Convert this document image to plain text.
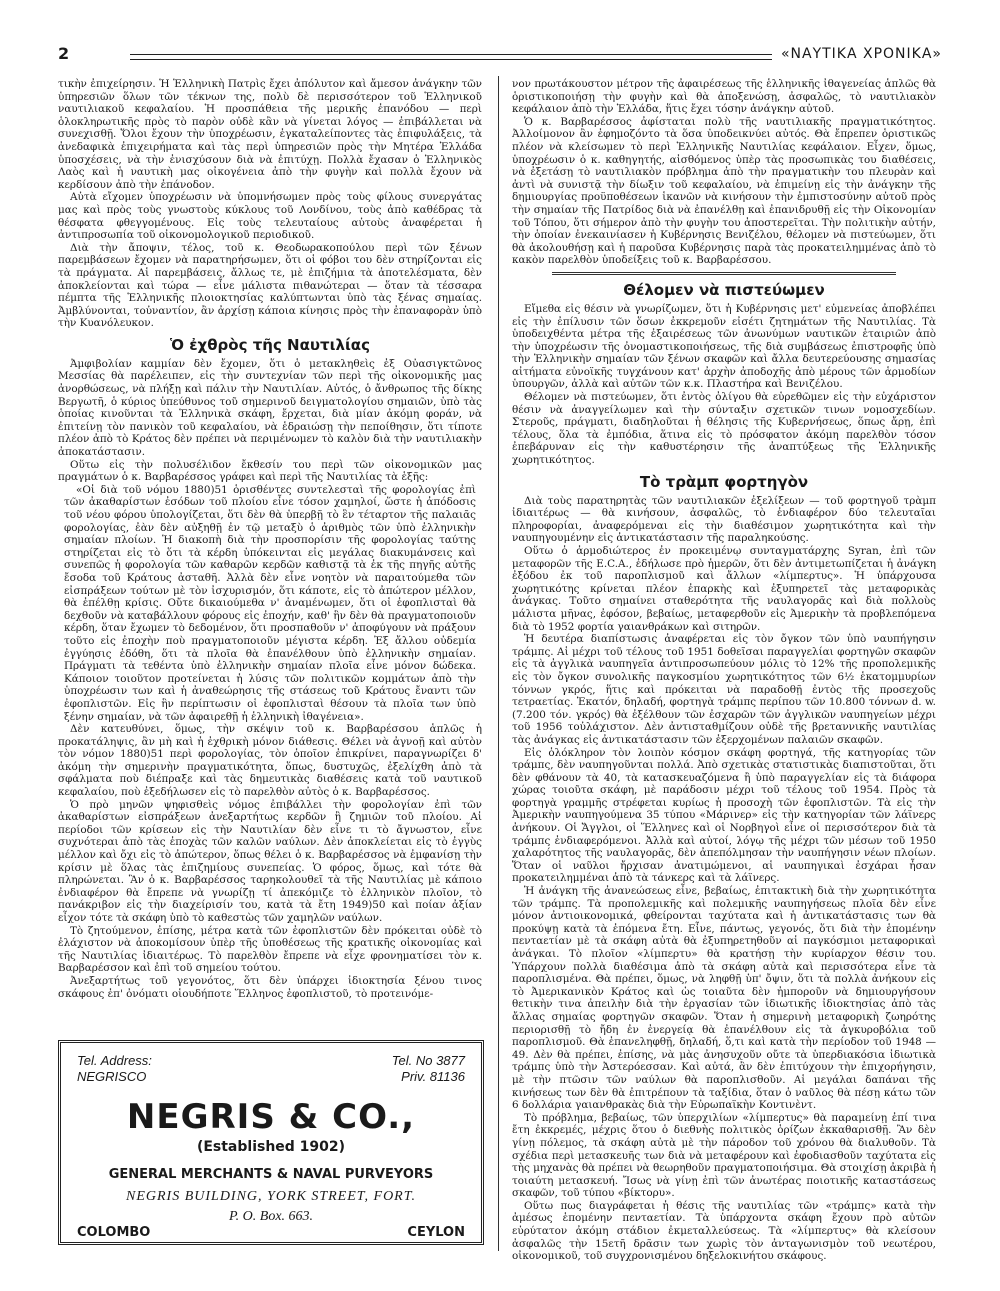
2	«ΝΑΥΤΙΚΑ ΧΡΟΝΙΚΑ»

τικὴν ἐπιχείρησιν. Ἡ Ἑλληνικὴ Πατρὶς ἔχει ἀπόλυτον καὶ ἄμεσον ἀνάγκην τῶν ὑπηρεσιῶν ὅλων τῶν τέκνων της, πολὺ δὲ περισσότερον τοῦ Ἑλληνικοῦ ναυτιλιακοῦ κεφαλαίου. Ἡ προσπάθεια τῆς μερικῆς ἐπανόδου — περὶ ὁλοκληρωτικῆς πρὸς τὸ παρὸν οὐδὲ κἂν νὰ γίνεται λόγος — ἐπιβάλλεται νὰ συνεχισθῇ. Ὅλοι ἔχουν τὴν ὑποχρέωσιν, ἐγκαταλείποντες τὰς ἐπιφυλάξεις, τὰ ἀνεδαφικὰ ἐπιχειρήματα καὶ τὰς περὶ ὑπηρεσιῶν πρὸς τὴν Μητέρα Ἑλλάδα ὑποσχέσεις, νὰ τὴν ἐνισχύσουν διὰ νὰ ἐπιτύχῃ. Πολλὰ ἔχασαν ὁ Ἑλληνικὸς Λαὸς καὶ ἡ ναυτικὴ μας οἰκογένεια ἀπὸ τὴν φυγὴν καὶ πολλὰ ἔχουν νὰ κερδίσουν ἀπὸ τὴν ἐπάνοδον.

Αὐτὰ εἴχομεν ὑποχρέωσιν νὰ ὑπομνήσωμεν πρὸς τοὺς φίλους συνεργάτας μας καὶ πρὸς τοὺς γνωστοὺς κύκλους τοῦ Λονδίνου, τοὺς ἀπὸ καθέδρας τὰ θέσφατα φθεγγομένους. Εἰς τοὺς τελευταίους αὐτοὺς ἀναφέρεται ἡ ἀντιπροσωπία τοῦ οἰκονομολογικοῦ περιοδικοῦ.

Διὰ τὴν ἄποψιν, τέλος, τοῦ κ. Θεοδωρακοπούλου περὶ τῶν ξένων παρεμβάσεων ἔχομεν νὰ παρατηρήσωμεν, ὅτι οἱ φόβοι του δὲν στηρίζονται εἰς τὰ πράγματα. Αἱ παρεμβάσεις, ἄλλως τε, μὲ ἐπιζήμια τὰ ἀποτελέσματα, δὲν ἀποκλείονται καὶ τώρα — εἶνε μάλιστα πιθανώτεραι — ὅταν τὰ τέσσαρα πέμπτα τῆς Ἑλληνικῆς πλοιοκτησίας καλύπτωνται ὑπὸ τὰς ξένας σημαίας. Ἀμβλύνονται, τοὐναντίον, ἂν ἀρχίσῃ κάποια κίνησις πρὸς τὴν ἐπαναφορὰν ὑπὸ τὴν Κυανόλευκον.

Ὁ ἐχθρὸς τῆς Ναυτιλίας

Ἀμφιβολίαν καμμίαν δὲν ἔχομεν, ὅτι ὁ μετακληθεὶς ἐξ Οὐασιγκτῶνος Μεσσίας θὰ παρέλειπεν, εἰς τὴν συντεχνίαν τῶν περὶ τῆς οἰκονομικῆς μας ἀνορθώσεως, νὰ πλήξῃ καὶ πάλιν τὴν Ναυτιλίαν. Αὐτός, ὁ ἄνθρωπος τῆς δίκης Βεργωτῆ, ὁ κύριος ὑπεύθυνος τοῦ σημερινοῦ δειγματολογίου σημαιῶν, ὑπὸ τὰς ὁποίας κινοῦνται τὰ Ἑλληνικὰ σκάφη, ἔρχεται, διὰ μίαν ἀκόμη φοράν, νὰ ἐπιτείνῃ τὸν πανικὸν τοῦ κεφαλαίου, νὰ ἑδραιώσῃ τὴν πεποίθησιν, ὅτι τίποτε πλέον ἀπὸ τὸ Κράτος δὲν πρέπει νὰ περιμένωμεν τὸ καλὸν διὰ τὴν ναυτιλιακὴν ἀποκατάστασιν.

Οὕτω εἰς τὴν πολυσέλιδον ἔκθεσίν του περὶ τῶν οἰκονομικῶν μας πραγμάτων ὁ κ. Βαρβαρέσσος γράφει καὶ περὶ τῆς Ναυτιλίας τὰ ἑξῆς:

«Οἱ διὰ τοῦ νόμου 1880)51 ὁρισθέντες συντελεσταὶ τῆς φορολογίας ἐπὶ τῶν ἀκαθαρίστων ἐσόδων τοῦ πλοίου εἶνε τόσον χαμηλοί, ὥστε ἡ ἀπόδοσις τοῦ νέου φόρου ὑπολογίζεται, ὅτι δὲν θὰ ὑπερβῇ τὸ ἓν τέταρτον τῆς παλαιᾶς φορολογίας, ἐὰν δὲν αὐξηθῇ ἐν τῷ μεταξὺ ὁ ἀριθμὸς τῶν ὑπὸ ἑλληνικὴν σημαίαν πλοίων. Ἡ διακοπὴ διὰ τὴν προσπορίσιν τῆς φορολογίας ταύτης στηρίζεται εἰς τὸ ὅτι τὰ κέρδη ὑπόκεινται εἰς μεγάλας διακυμάνσεις καὶ συνεπῶς ἡ φορολογία τῶν καθαρῶν κερδῶν καθιστᾷ τὰ ἐκ τῆς πηγῆς αὐτῆς ἔσοδα τοῦ Κράτους ἀσταθῆ. Ἀλλὰ δὲν εἶνε νοητὸν νὰ παραιτούμεθα τῶν εἰσπράξεων τούτων μὲ τὸν ἰσχυρισμόν, ὅτι κάποτε, εἰς τὸ ἀπώτερον μέλλον, θὰ ἐπέλθῃ κρίσις. Οὔτε δικαιούμεθα ν' ἀναμένωμεν, ὅτι οἱ ἐφοπλισταὶ θὰ δεχθοῦν νὰ καταβάλλουν φόρους εἰς ἐποχήν, καθ' ἣν δὲν θὰ πραγματοποιοῦν κέρδη, ὅταν ἔχωμεν τὸ δεδομένον, ὅτι προσπαθοῦν ν' ἀποφύγουν νὰ πράξουν τοῦτο εἰς ἐποχὴν ποὺ πραγματοποιοῦν μέγιστα κέρδη. Ἐξ ἄλλου οὐδεμία ἐγγύησις ἐδόθη, ὅτι τὰ πλοῖα θὰ ἐπανέλθουν ὑπὸ ἑλληνικὴν σημαίαν. Πράγματι τὰ τεθέντα ὑπὸ ἑλληνικὴν σημαίαν πλοῖα εἶνε μόνον δώδεκα. Κάποιον τοιοῦτον προτείνεται ἡ λύσις τῶν πολιτικῶν κομμάτων ἀπὸ τὴν ὑποχρέωσιν των καὶ ἡ ἀναθεώρησις τῆς στάσεως τοῦ Κράτους ἔναντι τῶν ἐφοπλιστῶν. Εἰς ἣν περίπτωσιν οἱ ἐφοπλισταὶ θέσουν τὰ πλοῖα των ὑπὸ ξένην σημαίαν, νὰ τῶν ἀφαιρεθῇ ἡ ἑλληνικὴ ἰθαγένεια».

Δὲν κατευθύνει, ὅμως, τὴν σκέψιν τοῦ κ. Βαρβαρέσσου ἁπλῶς ἡ προκατάληψις, ἂν μὴ καὶ ἡ ἐχθρικὴ μόνον διάθεσις. Θέλει νὰ ἀγνοῇ καὶ αὐτὸν τὸν νόμον 1880)51 περὶ φορολογίας, τὸν ὁποῖον ἐπικρίνει, παραγνωρίζει δ' ἀκόμη τὴν σημερινὴν πραγματικότητα, ὅπως, δυστυχῶς, ἐξελίχθη ἀπὸ τὰ σφάλματα ποὺ διέπραξε καὶ τὰς δημευτικὰς διαθέσεις κατὰ τοῦ ναυτικοῦ κεφαλαίου, ποὺ ἐξεδήλωσεν εἰς τὸ παρελθὸν αὐτὸς ὁ κ. Βαρβαρέσσος.

Ὁ πρὸ μηνῶν ψηφισθεὶς νόμος ἐπιβάλλει τὴν φορολογίαν ἐπὶ τῶν ἀκαθαρίστων εἰσπράξεων ἀνεξαρτήτως κερδῶν ἢ ζημιῶν τοῦ πλοίου. Αἱ περίοδοι τῶν κρίσεων εἰς τὴν Ναυτιλίαν δὲν εἶνε τι τὸ ἄγνωστον, εἶνε συχνότεραι ἀπὸ τὰς ἐποχὰς τῶν καλῶν ναύλων. Δὲν ἀποκλείεται εἰς τὸ ἐγγὺς μέλλον καὶ ὄχι εἰς τὸ ἀπώτερον, ὅπως θέλει ὁ κ. Βαρβαρέσσος νὰ ἐμφανίσῃ τὴν κρίσιν μὲ ὅλας τὰς ἐπιζημίους συνεπείας. Ὁ φόρος, ὅμως, καὶ τότε θὰ πληρώνεται. Ἂν ὁ κ. Βαρβαρέσσος ταρηκολουθεῖ τὰ τῆς Ναυτιλίας μὲ κάποιο ἐνδιαφέρον θὰ ἔπρεπε νὰ γνωρίζῃ τί ἀπεκόμιζε τὸ ἑλληνικὸν πλοῖον, τὸ πανάκριβον εἰς τὴν διαχείρισίν του, κατὰ τὰ ἔτη 1949)50 καὶ ποίαν ἀξίαν εἶχον τότε τὰ σκάφη ὑπὸ τὸ καθεστὼς τῶν χαμηλῶν ναύλων.

Τὸ ζητούμενον, ἐπίσης, μέτρα κατὰ τῶν ἐφοπλιστῶν δὲν πρόκειται οὐδὲ τὸ ἐλάχιστον νὰ ἀποκομίσουν ὑπὲρ τῆς ὑποθέσεως τῆς κρατικῆς οἰκονομίας καὶ τῆς Ναυτιλίας ἰδιαιτέρως. Τὸ παρελθὸν ἔπρεπε νὰ εἶχε φρονηματίσει τὸν κ. Βαρβαρέσσον καὶ ἐπὶ τοῦ σημείου τούτου.

Ἀνεξαρτήτως τοῦ γεγονότος, ὅτι δὲν ὑπάρχει ἰδιοκτησία ξένου τινος σκάφους ἐπ' ὀνόματι οἱουδήποτε Ἕλληνος ἐφοπλιστοῦ, τὸ προτεινόμε-

νον πρωτάκουστον μέτρον τῆς ἀφαιρέσεως τῆς ἑλληνικῆς ἰθαγενείας ἁπλῶς θὰ ὁριστικοποιήσῃ τὴν φυγὴν καὶ θὰ ἀποξενώσῃ, ἀσφαλῶς, τὸ ναυτιλιακὸν κεφάλαιον ἀπὸ τὴν Ἑλλάδα, ἥτις ἔχει τόσην ἀνάγκην αὐτοῦ.

Ὁ κ. Βαρβαρέσσος ἀφίσταται πολὺ τῆς ναυτιλιακῆς πραγματικότητος. Ἀλλοίμονον ἂν ἐφημοζόντο τὰ ὅσα ὑποδεικνύει αὐτός. Θὰ ἔπρεπεν ὁριστικῶς πλέον νὰ κλείσωμεν τὸ περὶ Ἑλληνικῆς Ναυτιλίας κεφάλαιον. Εἶχεν, ὅμως, ὑποχρέωσιν ὁ κ. καθηγητής, αἰσθόμενος ὑπὲρ τὰς προσωπικὰς του διαθέσεις, νὰ ἐξετάσῃ τὸ ναυτιλιακὸν πρόβλημα ἀπὸ τὴν πραγματικὴν του πλευρὰν καὶ ἀντὶ νὰ συνιστᾷ τὴν δίωξιν τοῦ κεφαλαίου, νὰ ἐπιμείνῃ εἰς τὴν ἀνάγκην τῆς δημιουργίας προϋποθέσεων ἱκανῶν νὰ κινήσουν τὴν ἐμπιστοσύνην αὐτοῦ πρὸς τὴν σημαίαν τῆς Πατρίδος διὰ νὰ ἐπανέλθῃ καὶ ἐπανιδρυθῇ εἰς τὴν Οἰκονομίαν τοῦ Τόπου, ὅτι σήμερον ἀπὸ τὴν φυγὴν του ἀποστερεῖται. Τὴν πολιτικὴν αὐτήν, τὴν ὁποίαν ἐνεκαινίασεν ἡ Κυβέρνησις Βενιζέλου, θέλομεν νὰ πιστεύωμεν, ὅτι θὰ ἀκολουθήσῃ καὶ ἡ παροῦσα Κυβέρνησις παρὰ τὰς προκατειλημμένας ἀπὸ τὸ κακὸν παρελθὸν ὑποδείξεις τοῦ κ. Βαρβαρέσσου.

Θέλομεν νὰ πιστεύωμεν

Εἴμεθα εἰς θέσιν νὰ γνωρίζωμεν, ὅτι ἡ Κυβέρνησις μετ' εὐμενείας ἀποβλέπει εἰς τὴν ἐπίλυσιν τῶν ὅσων ἐκκρεμοῦν εἰσέτι ζητημάτων τῆς Ναυτιλίας. Τὰ ὑποδειχθέντα μέτρα τῆς ἐξαιρέσεως τῶν ἀνωνύμων ναυτικῶν ἑταιριῶν ἀπὸ τὴν ὑποχρέωσιν τῆς ὀνομαστικοποιήσεως, τῆς διὰ συμβάσεως ἐπιστροφῆς ὑπὸ τὴν Ἑλληνικὴν σημαίαν τῶν ξένων σκαφῶν καὶ ἄλλα δευτερεύουσης σημασίας αἰτήματα εὐνοϊκῆς τυγχάνουν κατ' ἀρχὴν ἀποδοχῆς ἀπὸ μέρους τῶν ἁρμοδίων ὑπουργῶν, ἀλλὰ καὶ αὐτῶν τῶν κ.κ. Πλαστήρα καὶ Βενιζέλου.

Θέλομεν νὰ πιστεύωμεν, ὅτι ἐντὸς ὀλίγου θὰ εὑρεθῶμεν εἰς τὴν εὐχάριστον θέσιν νὰ ἀναγγείλωμεν καὶ τὴν σύνταξιν σχετικῶν τινων νομοσχεδίων. Στεροῦς, πράγματι, διαδηλοῦται ἡ θέλησις τῆς Κυβερνήσεως, ὅπως ἄρῃ, ἐπὶ τέλους, ὅλα τὰ ἐμπόδια, ἅτινα εἰς τὸ πρόσφατον ἀκόμη παρελθὸν τόσον ἐπεβάρυναν εἰς τὴν καθυστέρησιν τῆς ἀναπτύξεως τῆς Ἑλληνικῆς χωρητικότητος.

Τὸ τρὰμπ φορτηγὸν

Διὰ τοὺς παρατηρητὰς τῶν ναυτιλιακῶν ἐξελίξεων — τοῦ φορτηγοῦ τρὰμπ ἰδιαιτέρως — θὰ κινήσουν, ἀσφαλῶς, τὸ ἐνδιαφέρον δύο τελευταῖαι πληροφορίαι, ἀναφερόμεναι εἰς τὴν διαθέσιμον χωρητικότητα καὶ τὴν ναυπηγουμένην εἰς ἀντικατάστασιν τῆς παραληκούσης.

Οὕτω ὁ ἀρμοδιώτερος ἐν προκειμένῳ συνταγματάρχης Syran, ἐπὶ τῶν μεταφορῶν τῆς E.C.A., ἐδήλωσε πρὸ ἡμερῶν, ὅτι δὲν ἀντιμετωπίζεται ἡ ἀνάγκη ἐξόδου ἐκ τοῦ παροπλισμοῦ καὶ ἄλλων «λίμπερτυς». Ἡ ὑπάρχουσα χωρητικότης κρίνεται πλέον ἐπαρκὴς καὶ ἐξυπηρετεῖ τὰς μεταφορικὰς ἀνάγκας. Τοῦτο σημαίνει σταθερότητα τῆς ναυλαγορᾶς καὶ διὰ πολλοὺς μάλιστα μῆνας, ἐφόσον, βεβαίως, μεταφερθοῦν εἰς Ἀμερικὴν τὰ προβλεπόμενα διὰ τὸ 1952 φορτία γαιανθράκων καὶ σιτηρῶν.

Ἡ δευτέρα διαπίστωσις ἀναφέρεται εἰς τὸν ὄγκον τῶν ὑπὸ ναυπήγησιν τράμπς. Αἱ μέχρι τοῦ τέλους τοῦ 1951 δοθεῖσαι παραγγελίαι φορτηγῶν σκαφῶν εἰς τὰ ἀγγλικὰ ναυπηγεῖα ἀντιπροσωπεύουν μόλις τὸ 12% τῆς προπολεμικῆς εἰς τὸν ὄγκον συνολικῆς παγκοσμίου χωρητικότητος τῶν 6½ ἑκατομμυρίων τόννων γκρός, ἥτις καὶ πρόκειται νὰ παραδοθῇ ἐντὸς τῆς προσεχοῦς τετραετίας. Ἑκατόν, δηλαδή, φορτηγὰ τράμπς περίπου τῶν 10.800 τόννων d. w. (7.200 τόν. γκρός) θὰ ἐξέλθουν τῶν ἐσχαρῶν τῶν ἀγγλικῶν ναυπηγείων μέχρι τοῦ 1956 τοὐλάχιστον. Δὲν ἀντισταθμίζουν οὐδὲ τῆς βρεταννικῆς ναυτιλίας τὰς ἀνάγκας εἰς ἀντικατάστασιν τῶν ἐξερχομένων παλαιῶν σκαφῶν.

Εἰς ὁλόκληρον τὸν λοιπὸν κόσμον σκάφη φορτηγά, τῆς κατηγορίας τῶν τράμπς, δὲν ναυπηγοῦνται πολλά. Ἀπὸ σχετικὰς στατιστικὰς διαπιστοῦται, ὅτι δὲν φθάνουν τὰ 40, τὰ κατασκευαζόμενα ἢ ὑπὸ παραγγελίαν εἰς τὰ διάφορα χώρας τοιοῦτα σκάφη, μὲ παράδοσιν μέχρι τοῦ τέλους τοῦ 1954. Πρὸς τὰ φορτηγὰ γραμμῆς στρέφεται κυρίως ἡ προσοχὴ τῶν ἐφοπλιστῶν. Τὰ εἰς τὴν Ἀμερικὴν ναυπηγούμενα 35 τύπου «Μάρινερ» εἰς τὴν κατηγορίαν τῶν λάϊνερς ἀνήκουν. Οἱ Ἄγγλοι, οἱ Ἕλληνες καὶ οἱ Νορβηγοὶ εἶνε οἱ περισσότερον διὰ τὰ τράμπς ἐνδιαφερόμενοι. Ἀλλὰ καὶ αὐτοί, λόγῳ τῆς μέχρι τῶν μέσων τοῦ 1950 χαλαρότητος τῆς ναυλαγορᾶς, δὲν ἀπεπόλμησαν τὴν ναυπήγησιν νέων πλοίων. Ὅταν οἱ ναῦλοι ἤρχισαν ἀνατιμώμενοι, αἱ ναυπηγικαὶ ἐσχάραι ἦσαν προκατειλημμέναι ἀπὸ τὰ τάνκερς καὶ τὰ λάϊνερς.

Ἡ ἀνάγκη τῆς ἀνανεώσεως εἶνε, βεβαίως, ἐπιτακτικὴ διὰ τὴν χωρητικότητα τῶν τράμπς. Τὰ προπολεμικῆς καὶ πολεμικῆς ναυπηγήσεως πλοῖα δὲν εἶνε μόνον ἀντιοικονομικά, φθείρονται ταχύτατα καὶ ἡ ἀντικατάστασις των θὰ προκύψῃ κατὰ τὰ ἐπόμενα ἔτη. Εἶνε, πάντως, γεγονός, ὅτι διὰ τὴν ἑπομένην πενταετίαν μὲ τὰ σκάφη αὐτὰ θὰ ἐξυπηρετηθοῦν αἱ παγκόσμιοι μεταφορικαὶ ἀνάγκαι. Τὸ πλοῖον «λίμπερτυ» θὰ κρατήσῃ τὴν κυρίαρχον θέσιν του. Ὑπάρχουν πολλὰ διαθέσιμα ἀπὸ τὰ σκάφη αὐτὰ καὶ περισσότερα εἶνε τὰ παροπλισμένα. Θὰ πρέπει, ὅμως, νὰ ληφθῇ ὑπ' ὄψιν, ὅτι τὰ πολλὰ ἀνήκουν εἰς τὸ Ἀμερικανικὸν Κράτος καὶ ὡς τοιαῦτα δὲν ἠμποροῦν νὰ δημιουργήσουν θετικὴν τινα ἀπειλὴν διὰ τὴν ἐργασίαν τῶν ἰδιωτικῆς ἰδιοκτησίας ἀπὸ τὰς ἄλλας σημαίας φορτηγῶν σκαφῶν. Ὅταν ἡ σημερινὴ μεταφορικὴ ζωηρότης περιορισθῇ τὸ ἤδη ἐν ἐνεργείᾳ θὰ ἐπανέλθουν εἰς τὰ ἀγκυροβόλια τοῦ παροπλισμοῦ. Θὰ ἐπανεληφθῇ, δηλαδή, ὅ,τι καὶ κατὰ τὴν περίοδον τοῦ 1948 — 49. Δὲν θὰ πρέπει, ἐπίσης, νὰ μὰς ἀνησυχοῦν οὔτε τὰ ὑπερδιακόσια ἰδιωτικὰ τράμπς ὑπὸ τὴν Ἀστερόεσσαν. Καὶ αὐτά, ἂν δὲν ἐπιτύχουν τὴν ἐπιχορήγησιν, μὲ τὴν πτῶσιν τῶν ναύλων θὰ παροπλισθοῦν. Αἱ μεγάλαι δαπάναι τῆς κινήσεως των δὲν θὰ ἐπιτρέπουν τὰ ταξίδια, ὅταν ὁ ναῦλος θὰ πέσῃ κάτω τῶν 6 δολλάρια γαιανθρακὰς διὰ τὴν Εὐρωπαϊκὴν Κοντινὲντ.

Τὸ πρόβλημα, βεβαίως, τῶν ὑπερχιλίων «λίμπερτυς» θὰ παραμείνῃ ἐπί τινα ἔτη ἐκκρεμές, μέχρις ὅτου ὁ διεθνὴς πολιτικὸς ὁρίζων ἐκκαθαρισθῇ. Ἂν δὲν γίνῃ πόλεμος, τὰ σκάφη αὐτὰ μὲ τὴν πάροδον τοῦ χρόνου θὰ διαλυθοῦν. Τὰ σχέδια περὶ μετασκευῆς των διὰ νὰ μεταφέρουν καὶ ἐφοδιασθοῦν ταχύτατα εἰς τὴς μηχανὰς θὰ πρέπει νὰ θεωρηθοῦν πραγματοποιήσιμα. Θὰ στοιχίσῃ ἀκριβὰ ἡ τοιαύτη μετασκευή. Ἴσως νὰ γίνῃ ἐπὶ τῶν ἀνωτέρας ποιοτικῆς καταστάσεως σκαφῶν, τοῦ τύπου «βίκτορυ».

Οὕτω πως διαγράφεται ἡ θέσις τῆς ναυτιλίας τῶν «τράμπς» κατὰ τὴν ἀμέσως ἑπομένην πενταετίαν. Τὰ ὑπάρχοντα σκάφη ἔχουν πρὸ αὐτῶν εὐρύτατον ἀκόμη στάδιον ἐκμεταλλεύσεως. Τὰ «λίμπερτυς» θὰ κλείσουν ἀσφαλῶς τὴν 15ετῆ δρᾶσιν των χωρὶς τὸν ἀνταγωνισμὸν τοῦ νεωτέρου, οἰκονομικοῦ, τοῦ συγχρονισμένου δηξελοκινήτου σκάφους.

Tel. Address:	Tel. No 3877
NEGRISCO	Priv. 81136
NEGRIS & CO.,
(Established 1902)
GENERAL MERCHANTS & NAVAL PURVEYORS
NEGRIS BUILDING, YORK STREET, FORT.
P. O. Box. 663.
COLOMBO	CEYLON
